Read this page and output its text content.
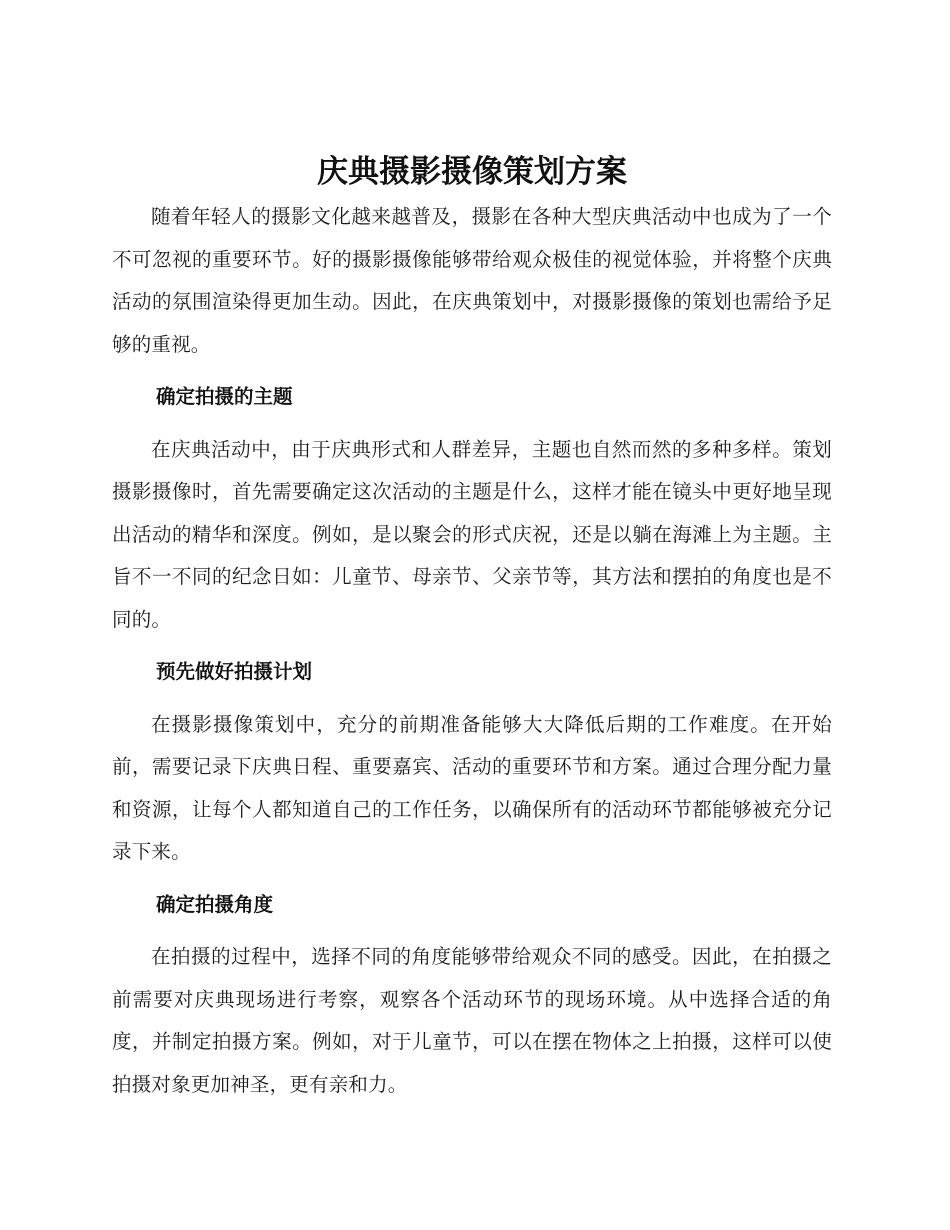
庆典摄影摄像策划方案

随着年轻人的摄影文化越来越普及，摄影在各种大型庆典活动中也成为了一个不可忽视的重要环节。好的摄影摄像能够带给观众极佳的视觉体验，并将整个庆典活动的氛围渲染得更加生动。因此，在庆典策划中，对摄影摄像的策划也需给予足够的重视。

确定拍摄的主题

在庆典活动中，由于庆典形式和人群差异，主题也自然而然的多种多样。策划摄影摄像时，首先需要确定这次活动的主题是什么，这样才能在镜头中更好地呈现出活动的精华和深度。例如，是以聚会的形式庆祝，还是以躺在海滩上为主题。主旨不一不同的纪念日如：儿童节、母亲节、父亲节等，其方法和摆拍的角度也是不同的。

预先做好拍摄计划

在摄影摄像策划中，充分的前期准备能够大大降低后期的工作难度。在开始前，需要记录下庆典日程、重要嘉宾、活动的重要环节和方案。通过合理分配力量和资源，让每个人都知道自己的工作任务，以确保所有的活动环节都能够被充分记录下来。

确定拍摄角度

在拍摄的过程中，选择不同的角度能够带给观众不同的感受。因此，在拍摄之前需要对庆典现场进行考察，观察各个活动环节的现场环境。从中选择合适的角度，并制定拍摄方案。例如，对于儿童节，可以在摆在物体之上拍摄，这样可以使拍摄对象更加神圣，更有亲和力。
